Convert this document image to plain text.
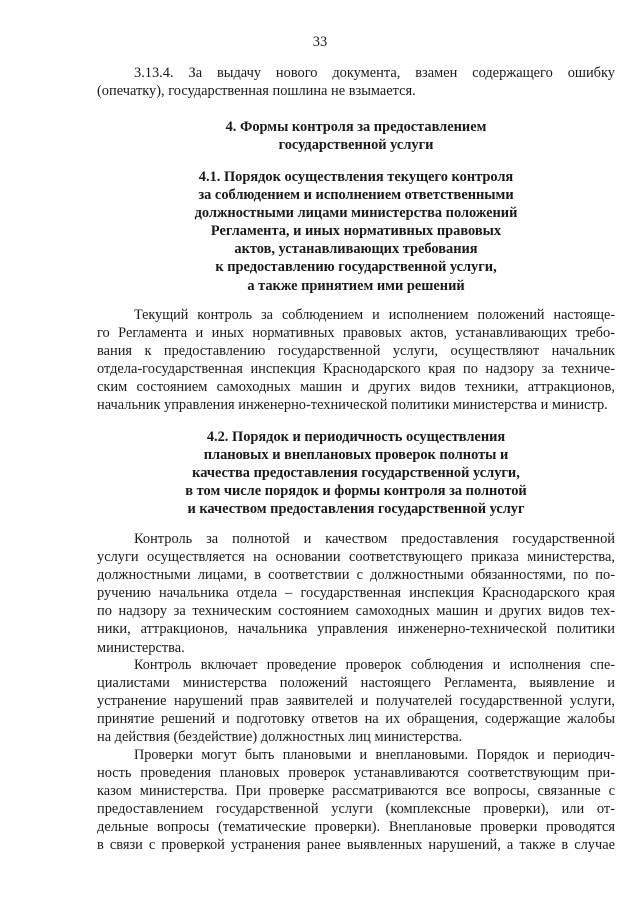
33
3.13.4. За выдачу нового документа, взамен содержащего ошибку
(опечатку), государственная пошлина не взымается.
4. Формы контроля за предоставлением
государственной услуги
4.1. Порядок осуществления текущего контроля
за соблюдением и исполнением ответственными
должностными лицами министерства положений
Регламента, и иных нормативных правовых
актов, устанавливающих требования
к предоставлению государственной услуги,
а также принятием ими решений
Текущий контроль за соблюдением и исполнением положений настояще-
го Регламента и иных нормативных правовых актов, устанавливающих требо-
вания к предоставлению государственной услуги, осуществляют начальник
отдела-государственная инспекция Краснодарского края по надзору за техниче-
ским состоянием самоходных машин и других видов техники, аттракционов,
начальник управления инженерно-технической политики министерства и министр.
4.2. Порядок и периодичность осуществления
плановых и внеплановых проверок полноты и
качества предоставления государственной услуги,
в том числе порядок и формы контроля за полнотой
и качеством предоставления государственной услуг
Контроль за полнотой и качеством предоставления государственной
услуги осуществляется на основании соответствующего приказа министерства,
должностными лицами, в соответствии с должностными обязанностями, по по-
ручению начальника отдела – государственная инспекция Краснодарского края
по надзору за техническим состоянием самоходных машин и других видов тех-
ники, аттракционов, начальника управления инженерно-технической политики
министерства.
Контроль включает проведение проверок соблюдения и исполнения спе-
циалистами министерства положений настоящего Регламента, выявление и
устранение нарушений прав заявителей и получателей государственной услуги,
принятие решений и подготовку ответов на их обращения, содержащие жалобы
на действия (бездействие) должностных лиц министерства.
Проверки могут быть плановыми и внеплановыми. Порядок и периодич-
ность проведения плановых проверок устанавливаются соответствующим при-
казом министерства. При проверке рассматриваются все вопросы, связанные с
предоставлением государственной услуги (комплексные проверки), или от-
дельные вопросы (тематические проверки). Внеплановые проверки проводятся
в связи с проверкой устранения ранее выявленных нарушений, а также в случае
